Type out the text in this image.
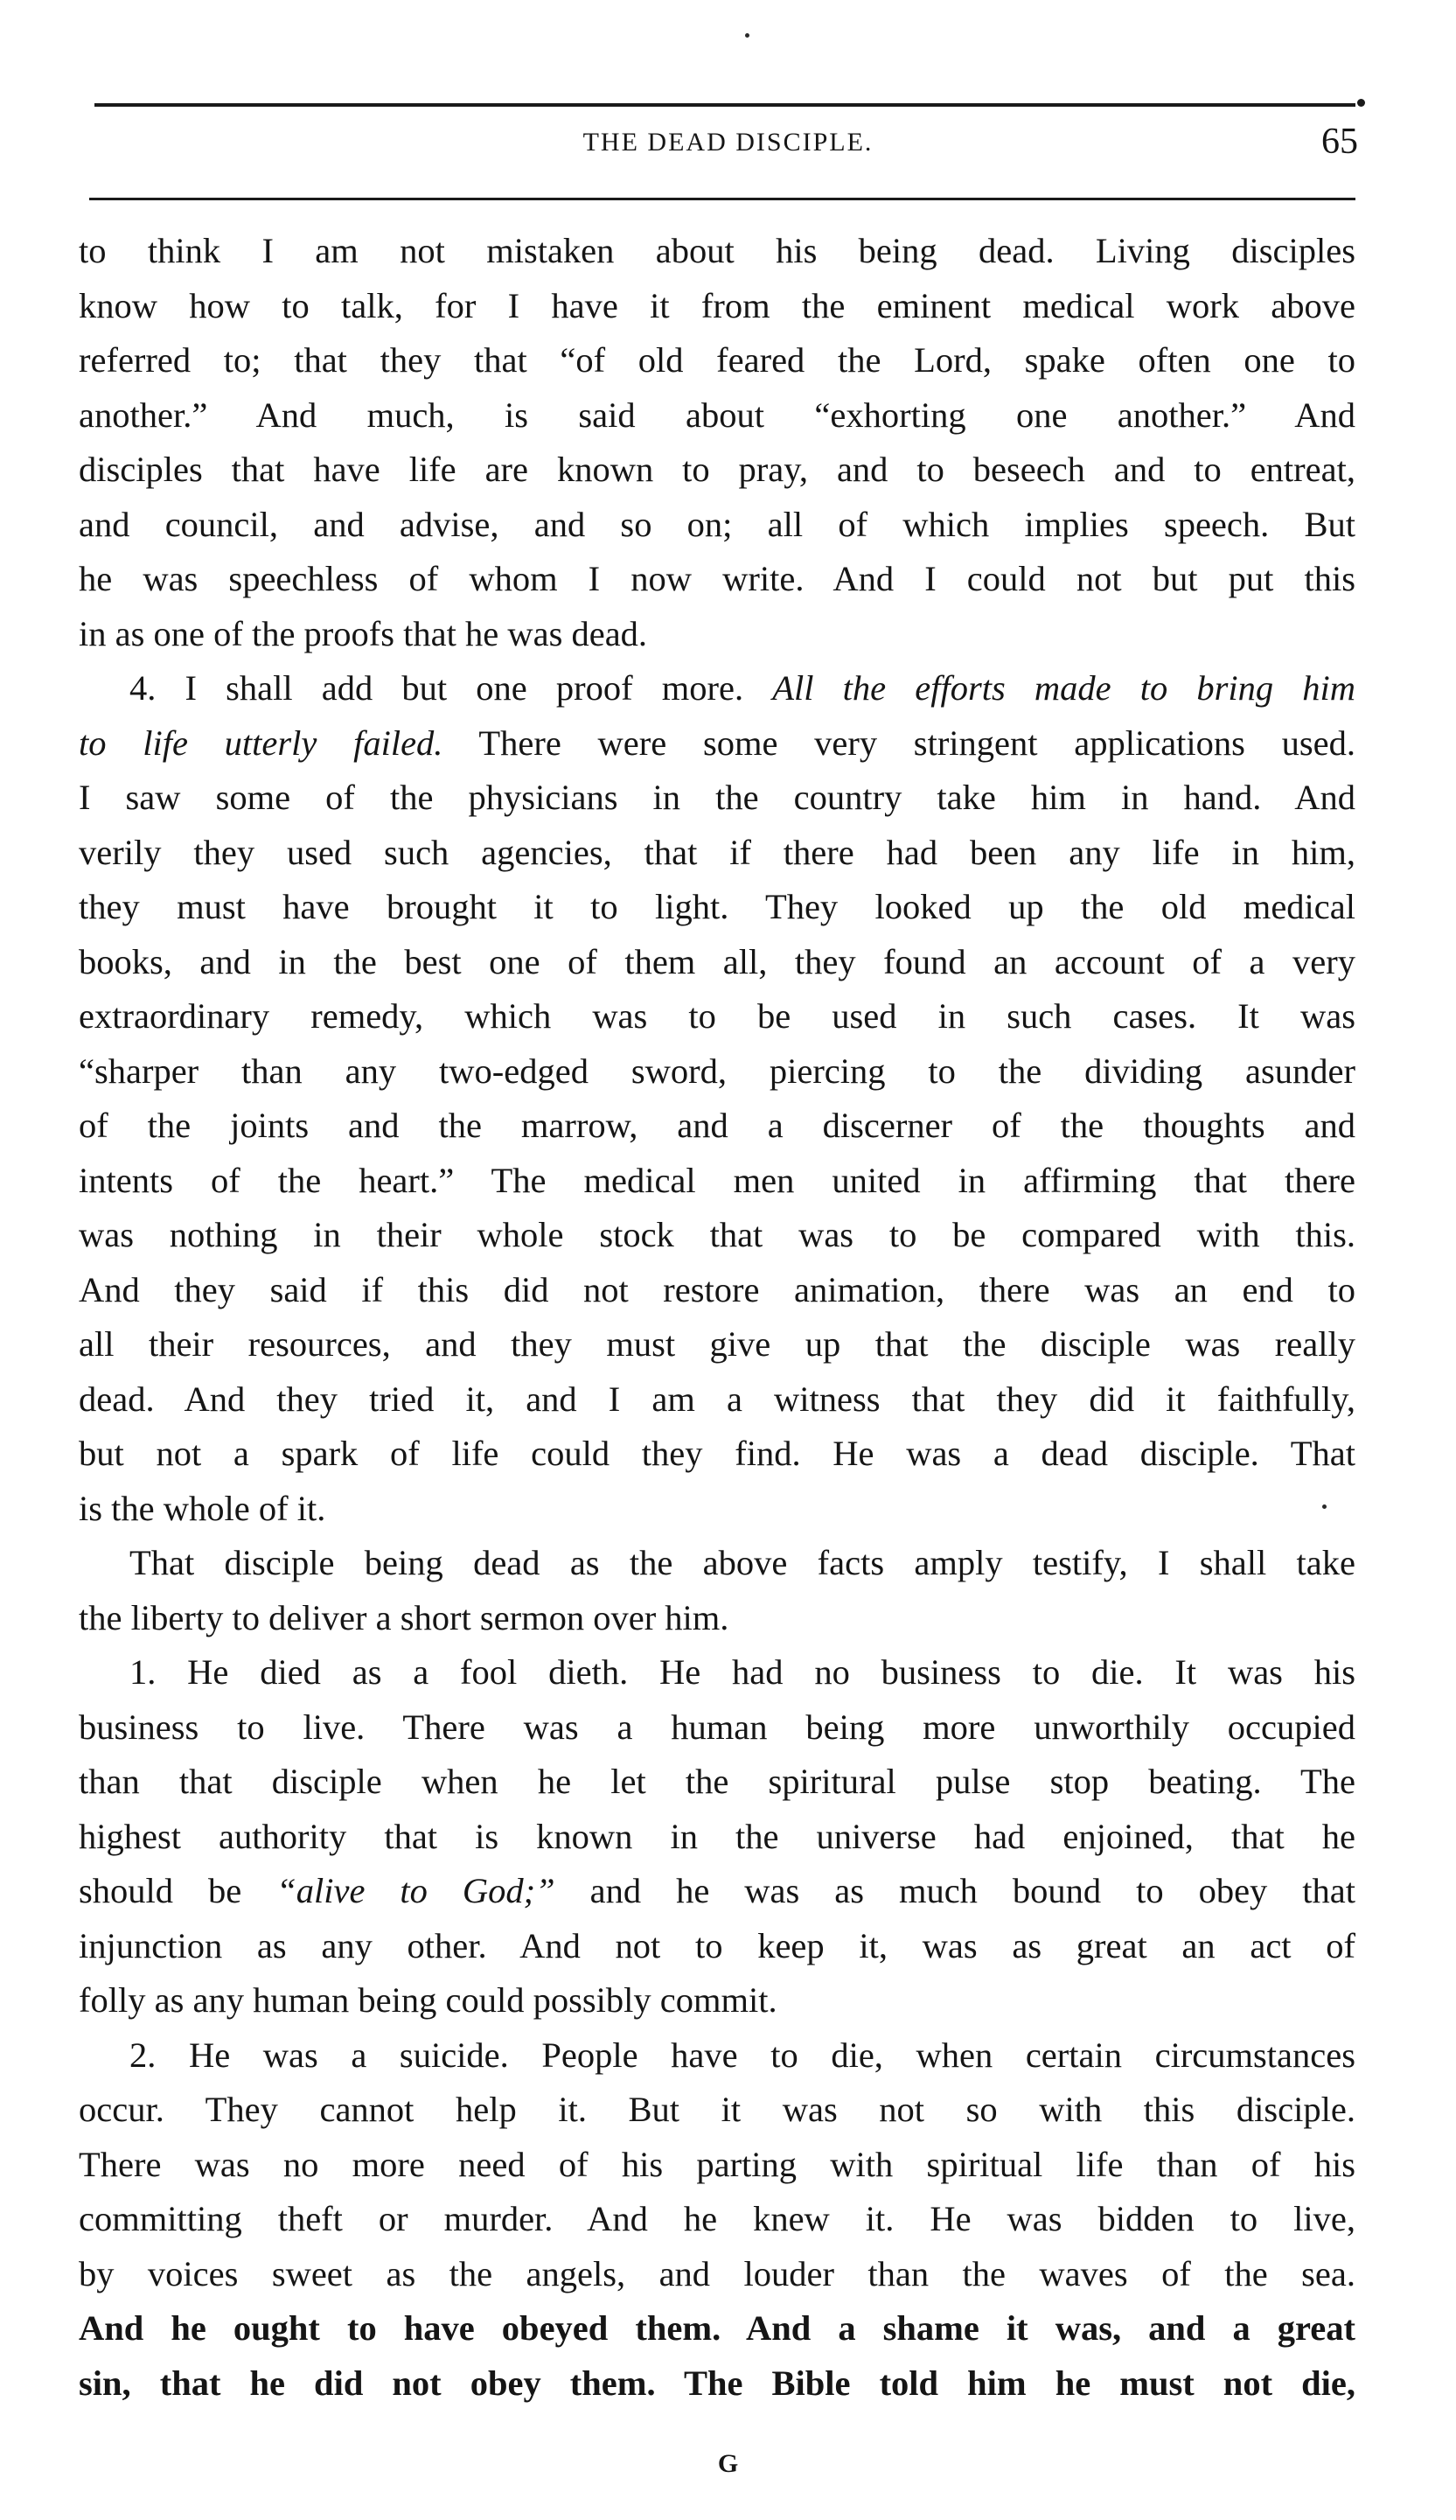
THE DEAD DISCIPLE.	65
to think I am not mistaken about his being dead. Living disciples
know how to talk, for I have it from the eminent medical work above
referred to; that they that “of old feared the Lord, spake often one to
another.” And much, is said about “exhorting one another.” And
disciples that have life are known to pray, and to beseech and to entreat,
and council, and advise, and so on; all of which implies speech. But
he was speechless of whom I now write. And I could not but put this
in as one of the proofs that he was dead.
4. I shall add but one proof more. All the efforts made to bring him
to life utterly failed. There were some very stringent applications used.
I saw some of the physicians in the country take him in hand. And
verily they used such agencies, that if there had been any life in him,
they must have brought it to light. They looked up the old medical
books, and in the best one of them all, they found an account of a very
extraordinary remedy, which was to be used in such cases. It was
“sharper than any two-edged sword, piercing to the dividing asunder
of the joints and the marrow, and a discerner of the thoughts and
intents of the heart.” The medical men united in affirming that there
was nothing in their whole stock that was to be compared with this.
And they said if this did not restore animation, there was an end to
all their resources, and they must give up that the disciple was really
dead. And they tried it, and I am a witness that they did it faithfully,
but not a spark of life could they find. He was a dead disciple. That
is the whole of it.
That disciple being dead as the above facts amply testify, I shall take
the liberty to deliver a short sermon over him.
1. He died as a fool dieth. He had no business to die. It was his
business to live. There was a human being more unworthily occupied
than that disciple when he let the spiritural pulse stop beating. The
highest authority that is known in the universe had enjoined, that he
should be “alive to God;” and he was as much bound to obey that
injunction as any other. And not to keep it, was as great an act of
folly as any human being could possibly commit.
2. He was a suicide. People have to die, when certain circumstances
occur. They cannot help it. But it was not so with this disciple.
There was no more need of his parting with spiritual life than of his
committing theft or murder. And he knew it. He was bidden to live,
by voices sweet as the angels, and louder than the waves of the sea.
And he ought to have obeyed them. And a shame it was, and a great
sin, that he did not obey them. The Bible told him he must not die,
G
